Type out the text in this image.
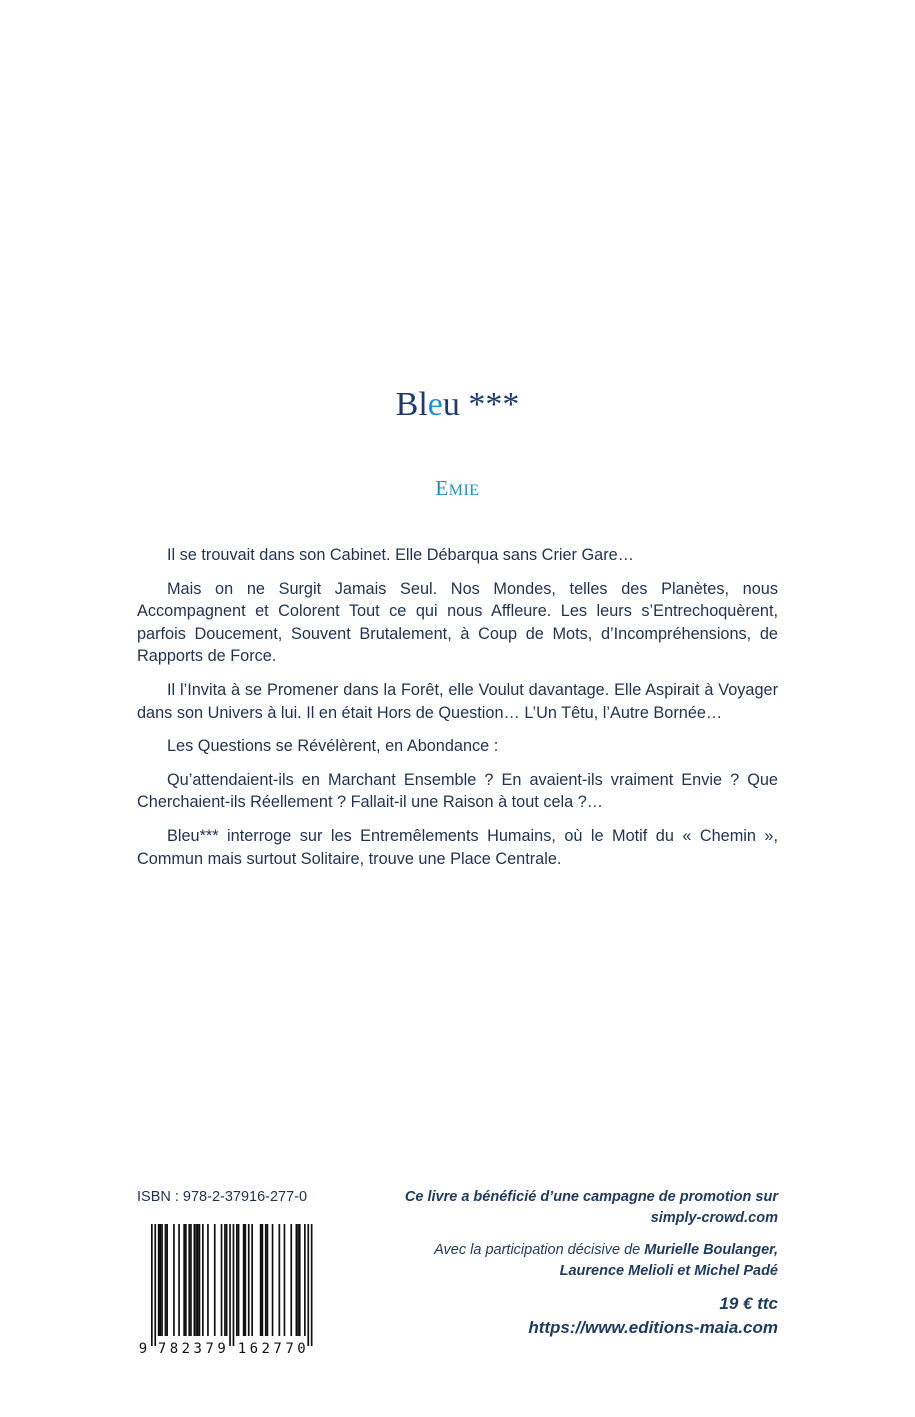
Bleu ***
EMIE

Il se trouvait dans son Cabinet. Elle Débarqua sans Crier Gare…

Mais on ne Surgit Jamais Seul. Nos Mondes, telles des Planètes, nous Accompagnent et Colorent Tout ce qui nous Affleure. Les leurs s’Entrechoquèrent, parfois Doucement, Souvent Brutalement, à Coup de Mots, d’Incompréhensions, de Rapports de Force.

Il l’Invita à se Promener dans la Forêt, elle Voulut davantage. Elle Aspirait à Voyager dans son Univers à lui. Il en était Hors de Question… L’Un Têtu, l’Autre Bornée…

Les Questions se Révélèrent, en Abondance :

Qu’attendaient-ils en Marchant Ensemble ? En avaient-ils vraiment Envie ? Que Cherchaient-ils Réellement ? Fallait-il une Raison à tout cela ?…

Bleu*** interroge sur les Entremêlements Humains, où le Motif du « Chemin », Commun mais surtout Solitaire, trouve une Place Centrale.

ISBN : 978-2-37916-277-0
9 7 8 2 3 7 9 1 6 2 7 7 0
Ce livre a bénéficié d’une campagne de promotion sur
simply-crowd.com
Avec la participation décisive de Murielle Boulanger,
Laurence Melioli et Michel Padé
19 € ttc
https://www.editions-maia.com
